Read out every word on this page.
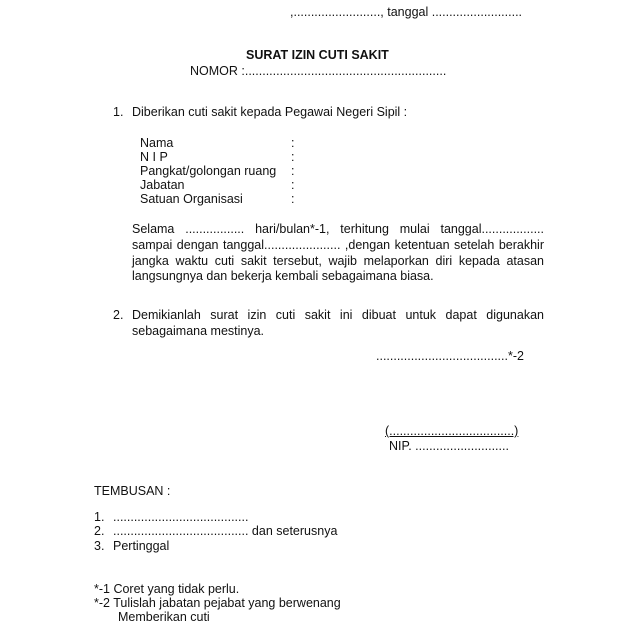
,........................., tanggal ..........................
SURAT IZIN CUTI SAKIT
NOMOR :..........................................................
1. Diberikan cuti sakit kepada Pegawai Negeri Sipil :
Nama	:
N I P	:
Pangkat/golongan ruang :
Jabatan	:
Satuan Organisasi	:
Selama ................. hari/bulan*-1, terhitung mulai tanggal..................
sampai dengan tanggal...................... ,dengan ketentuan setelah berakhir
jangka waktu cuti sakit tersebut, wajib melaporkan diri kepada atasan
langsungnya dan bekerja kembali sebagaimana biasa.
2. Demikianlah surat izin cuti sakit ini dibuat untuk dapat digunakan
sebagaimana mestinya.
......................................*-2
(....................................)
NIP. ...........................
TEMBUSAN :
1. .......................................
2. ....................................... dan seterusnya
3. Pertinggal
*-1 Coret yang tidak perlu.
*-2 Tulislah jabatan pejabat yang berwenang
Memberikan cuti
